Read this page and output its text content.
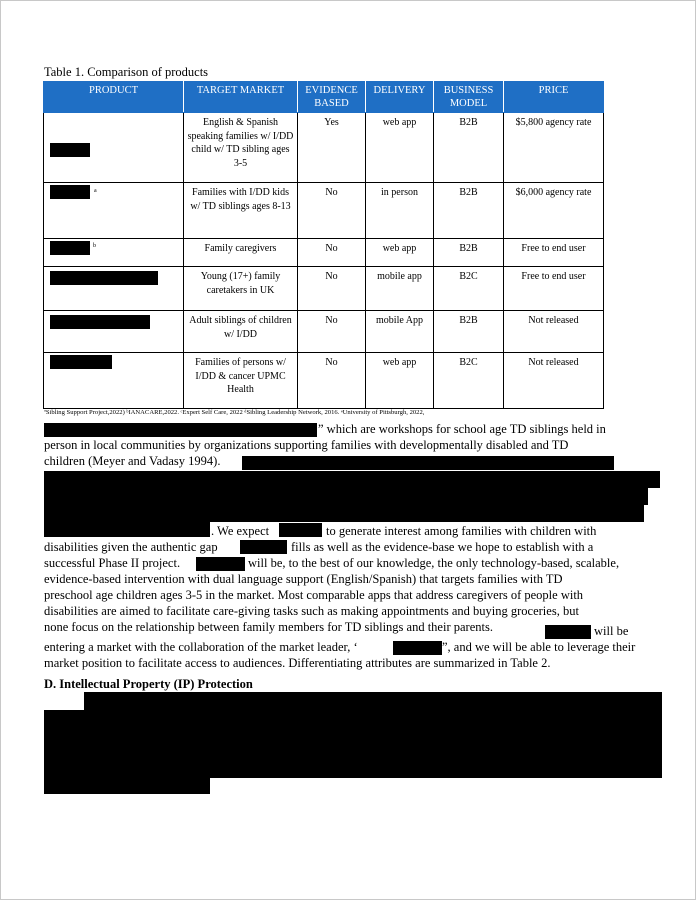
Table 1. Comparison of products
PRODUCT	TARGET MARKET	EVIDENCE BASED	DELIVERY	BUSINESS MODEL	PRICE

	English & Spanish speaking families w/ I/DD child w/ TD sibling ages 3-5	Yes	web app	B2B	$5,800 agency rate

a	Families with I/DD kids w/ TD siblings ages 8-13	No	in person	B2B	$6,000 agency rate

b	Family caregivers	No	web app	B2B	Free to end user

	Young (17+) family caretakers in UK	No	mobile app	B2C	Free to end user

	Adult siblings of children w/ I/DD	No	mobile App	B2B	Not released

	Families of persons w/ I/DD & cancer UPMC Health	No	web app	B2C	Not released
ªSibling Support Project,2022) ᵇIANACARE,2022. ᶜExpert Self Care, 2022 ᵈSibling Leadership Network, 2016. ᵉUniversity of Pittsburgh, 2022,
” which are workshops for school age TD siblings held in
person in local communities by organizations supporting families with developmentally disabled and TD
children (Meyer and Vadasy 1994).
. We expect	to generate interest among families with children with
disabilities given the authentic gap	fills as well as the evidence-base we hope to establish with a
successful Phase II project.	will be, to the best of our knowledge, the only technology-based, scalable,
evidence-based intervention with dual language support (English/Spanish) that targets families with TD
preschool age children ages 3-5 in the market. Most comparable apps that address caregivers of people with
disabilities are aimed to facilitate care-giving tasks such as making appointments and buying groceries, but
none focus on the relationship between family members for TD siblings and their parents.	will be
entering a market with the collaboration of the market leader, ‘	”, and we will be able to leverage their
market position to facilitate access to audiences. Differentiating attributes are summarized in Table 2.
D. Intellectual Property (IP) Protection
